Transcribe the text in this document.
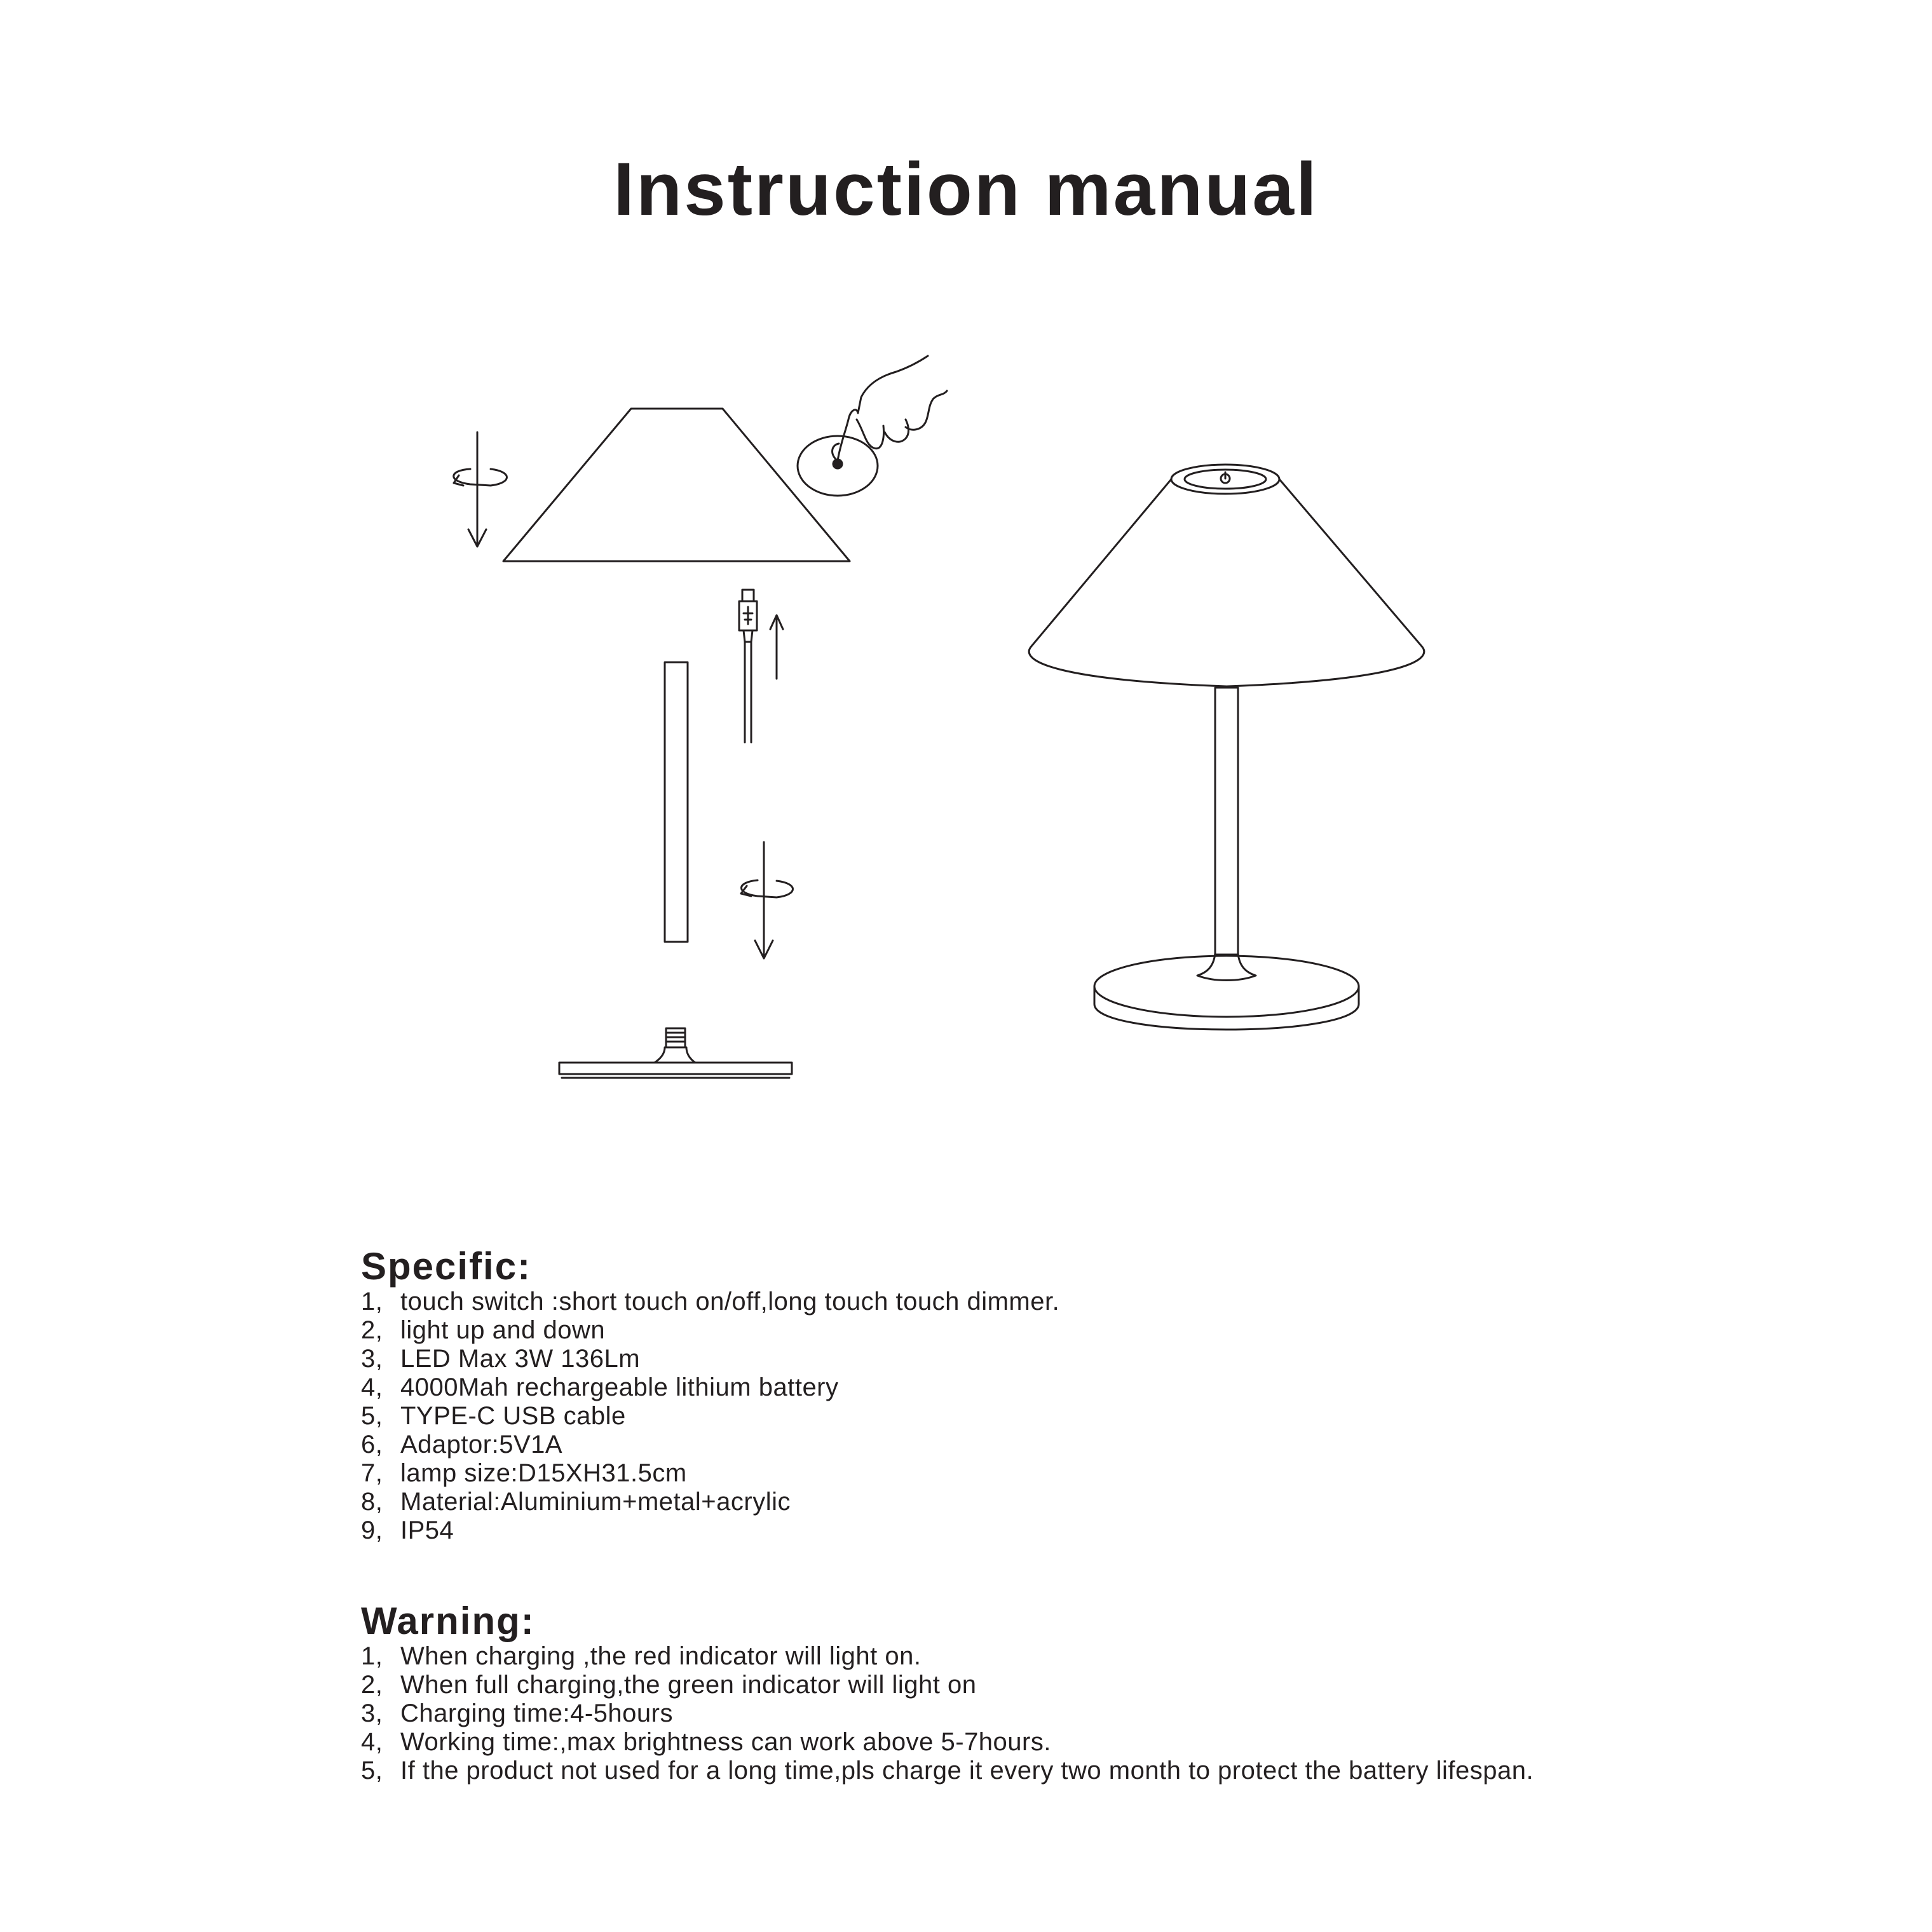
Instruction manual
Specific:
1, touch switch :short touch on/off,long touch touch dimmer.
2, light up and down
3, LED Max 3W 136Lm
4, 4000Mah rechargeable lithium battery
5, TYPE-C USB cable
6, Adaptor:5V1A
7, lamp size:D15XH31.5cm
8, Material:Aluminium+metal+acrylic
9, IP54
Warning:
1, When charging ,the red indicator will light on.
2, When full charging,the green indicator will light on
3, Charging time:4-5hours
4, Working time:,max brightness can work above 5-7hours.
5, If the product not used for a long time,pls charge it every two month to protect the battery lifespan.
